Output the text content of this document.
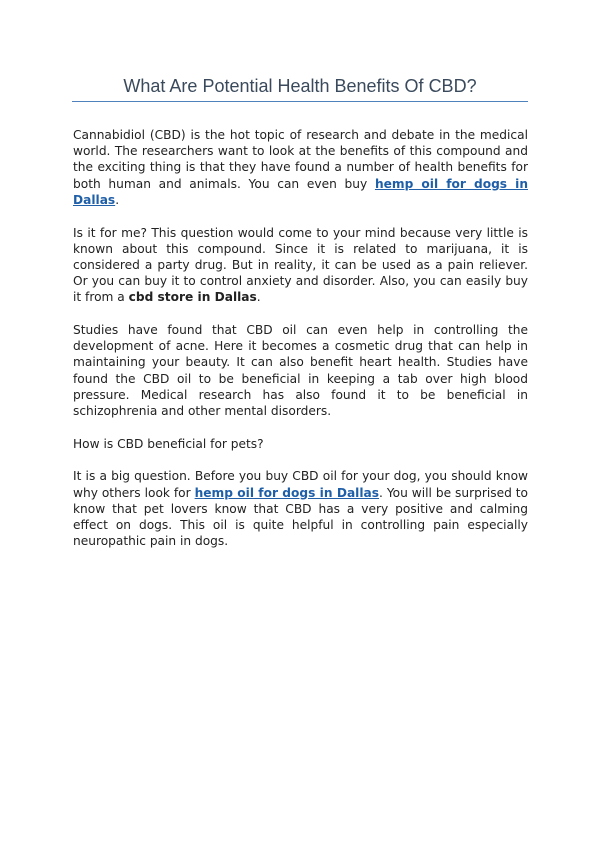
What Are Potential Health Benefits Of CBD?

Cannabidiol (CBD) is the hot topic of research and debate in the medical world. The researchers want to look at the benefits of this compound and the exciting thing is that they have found a number of health benefits for both human and animals. You can even buy hemp oil for dogs in Dallas.

Is it for me? This question would come to your mind because very little is known about this compound. Since it is related to marijuana, it is considered a party drug. But in reality, it can be used as a pain reliever. Or you can buy it to control anxiety and disorder. Also, you can easily buy it from a cbd store in Dallas.

Studies have found that CBD oil can even help in controlling the development of acne. Here it becomes a cosmetic drug that can help in maintaining your beauty. It can also benefit heart health. Studies have found the CBD oil to be beneficial in keeping a tab over high blood pressure. Medical research has also found it to be beneficial in schizophrenia and other mental disorders.

How is CBD beneficial for pets?

It is a big question. Before you buy CBD oil for your dog, you should know why others look for hemp oil for dogs in Dallas. You will be surprised to know that pet lovers know that CBD has a very positive and calming effect on dogs. This oil is quite helpful in controlling pain especially neuropathic pain in dogs.
